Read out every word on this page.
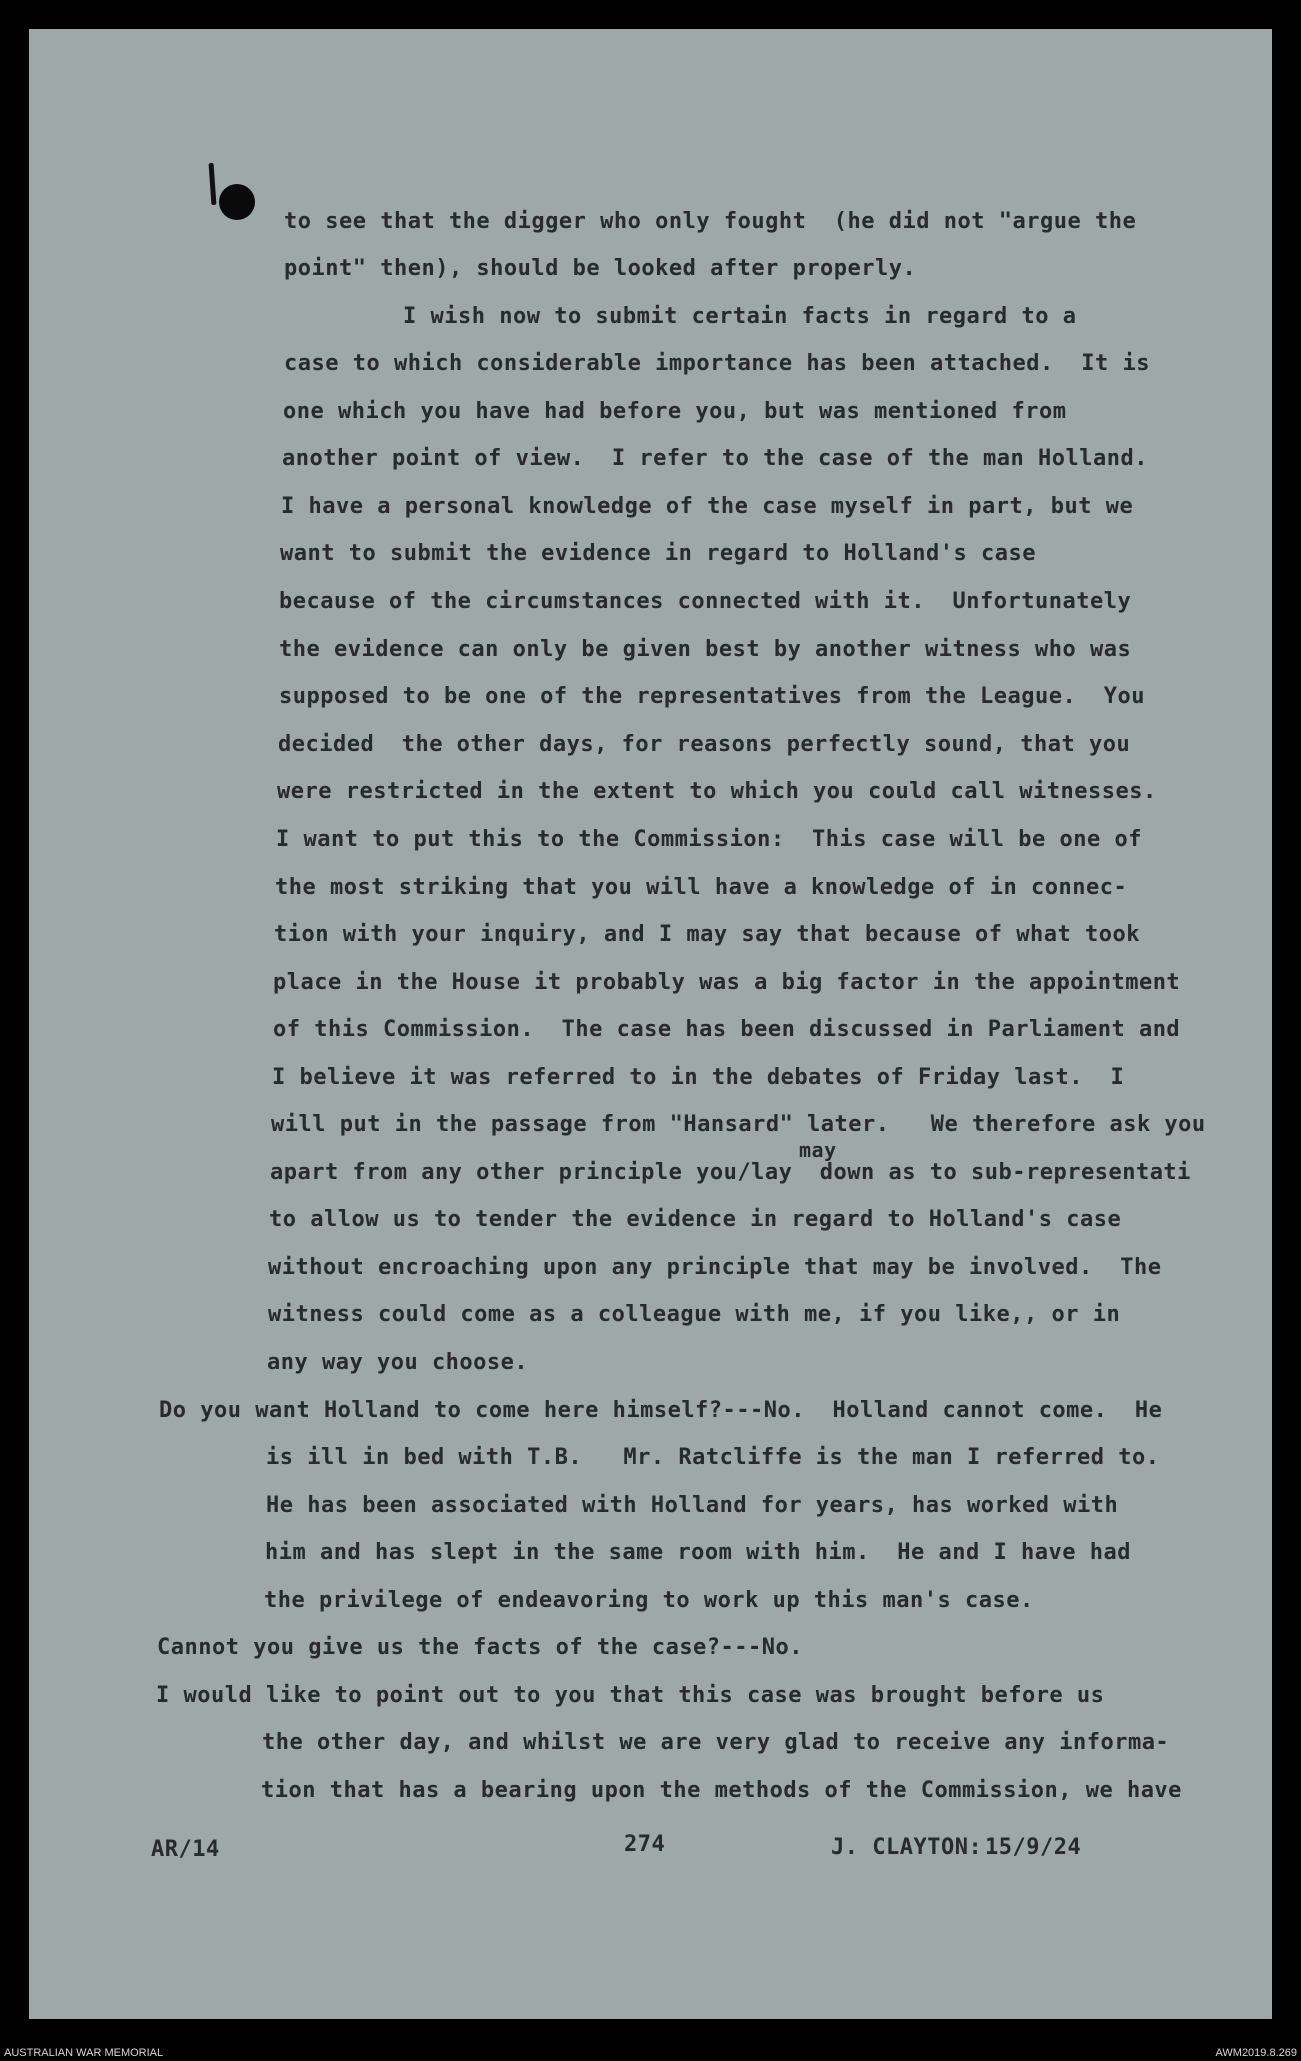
to see that the digger who only fought  (he did not "argue the

point" then), should be looked after properly.

I wish now to submit certain facts in regard to a

case to which considerable importance has been attached.  It is

one which you have had before you, but was mentioned from

another point of view.  I refer to the case of the man Holland.

I have a personal knowledge of the case myself in part, but we

want to submit the evidence in regard to Holland's case

because of the circumstances connected with it.  Unfortunately

the evidence can only be given best by another witness who was

supposed to be one of the representatives from the League.  You

decided  the other days, for reasons perfectly sound, that you

were restricted in the extent to which you could call witnesses.

I want to put this to the Commission:  This case will be one of

the most striking that you will have a knowledge of in connec-

tion with your inquiry, and I may say that because of what took

place in the House it probably was a big factor in the appointment

of this Commission.  The case has been discussed in Parliament and

I believe it was referred to in the debates of Friday last.  I

will put in the passage from "Hansard" later.   We therefore ask you

may

apart from any other principle you/lay  down as to sub-representati

to allow us to tender the evidence in regard to Holland's case

without encroaching upon any principle that may be involved.  The

witness could come as a colleague with me, if you like,, or in

any way you choose.

Do you want Holland to come here himself?---No.  Holland cannot come.  He

is ill in bed with T.B.   Mr. Ratcliffe is the man I referred to.

He has been associated with Holland for years, has worked with

him and has slept in the same room with him.  He and I have had

the privilege of endeavoring to work up this man's case.

Cannot you give us the facts of the case?---No.

I would like to point out to you that this case was brought before us

the other day, and whilst we are very glad to receive any informa-

tion that has a bearing upon the methods of the Commission, we have

AR/14

	274

	J. CLAYTON:

15/9/24

AUSTRALIAN WAR MEMORIAL	AWM2019.8.269
